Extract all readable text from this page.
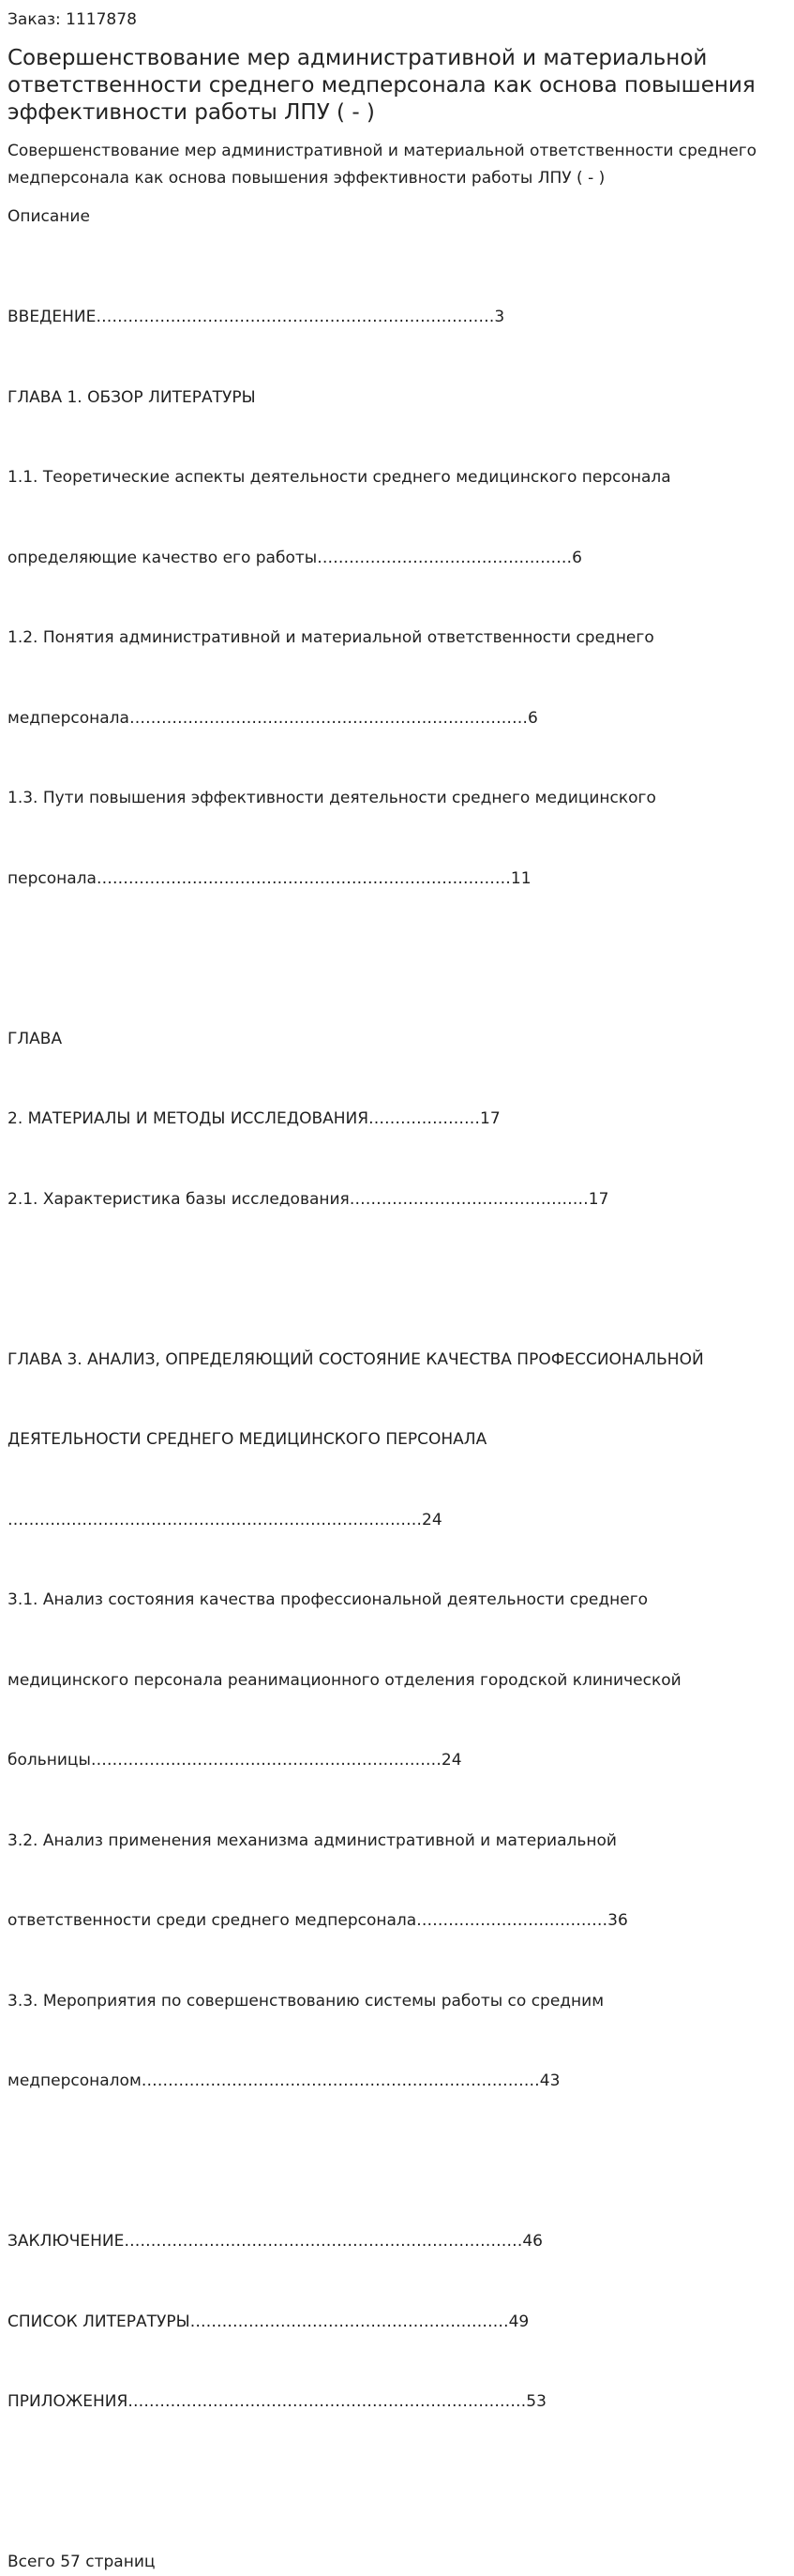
Заказ: 1117878

Совершенствование мер административной и материальной ответственности среднего медперсонала как основа повышения эффективности работы ЛПУ ( - )

Совершенствование мер административной и материальной ответственности среднего медперсонала как основа повышения эффективности работы ЛПУ ( - )

Описание

ВВЕДЕНИЕ…………………………………………………………………3

ГЛАВА 1. ОБЗОР ЛИТЕРАТУРЫ

1.1. Теоретические аспекты деятельности среднего медицинского персонала

определяющие качество его работы…………………………………………6

1.2. Понятия административной и материальной ответственности среднего

медперсонала…………………………………………………………………6

1.3. Пути повышения эффективности деятельности среднего медицинского

персонала……………………………………………………………………11

ГЛАВА

2. МАТЕРИАЛЫ И МЕТОДЫ ИССЛЕДОВАНИЯ…………………17

2.1. Характеристика базы исследования………………………………………17

ГЛАВА 3. АНАЛИЗ, ОПРЕДЕЛЯЮЩИЙ СОСТОЯНИЕ КАЧЕСТВА ПРОФЕССИОНАЛЬНОЙ

ДЕЯТЕЛЬНОСТИ СРЕДНЕГО МЕДИЦИНСКОГО ПЕРСОНАЛА

……………………………………………………………………24

3.1. Анализ состояния качества профессиональной деятельности среднего

медицинского персонала реанимационного отделения городской клинической

больницы…………………………………………………………24

3.2. Анализ применения механизма административной и материальной

ответственности среди среднего медперсонала………………………………36

3.3. Мероприятия по совершенствованию системы работы со средним

медперсоналом…………………………………………………………………43

ЗАКЛЮЧЕНИЕ…………………………………………………………………46

СПИСОК ЛИТЕРАТУРЫ……………………………………………………49

ПРИЛОЖЕНИЯ…………………………………………………………………53

Всего 57 страниц
